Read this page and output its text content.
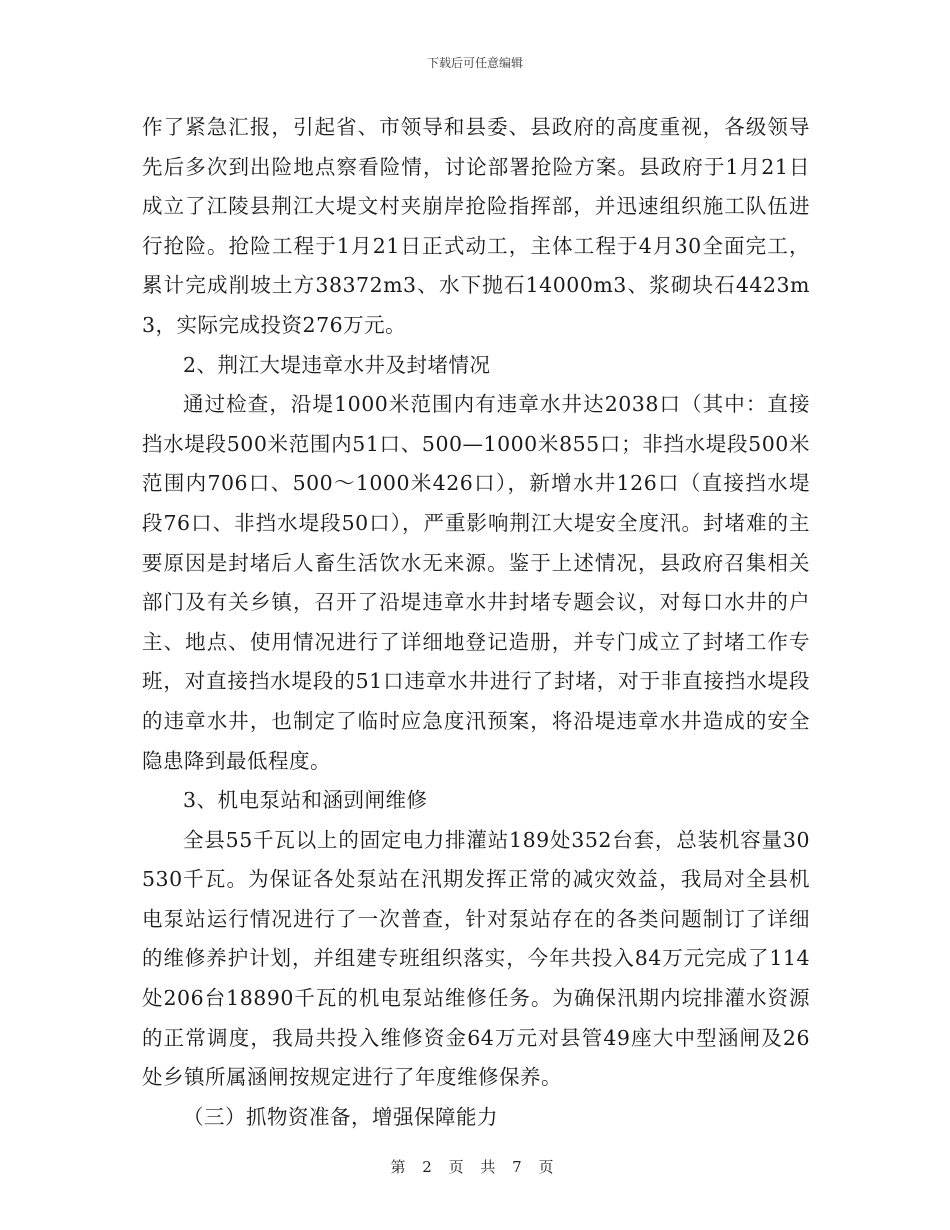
下载后可任意编辑

作了紧急汇报，引起省、市领导和县委、县政府的高度重视，各级领导先后多次到出险地点察看险情，讨论部署抢险方案。县政府于1月21日成立了江陵县荆江大堤文村夹崩岸抢险指挥部，并迅速组织施工队伍进行抢险。抢险工程于1月21日正式动工，主体工程于4月30全面完工，累计完成削坡土方38372m3、水下抛石14000m3、浆砌块石4423m3，实际完成投资276万元。

2、荆江大堤违章水井及封堵情况

通过检查，沿堤1000米范围内有违章水井达2038口（其中：直接挡水堤段500米范围内51口、500—1000米855口；非挡水堤段500米范围内706口、500～1000米426口），新增水井126口（直接挡水堤段76口、非挡水堤段50口），严重影响荆江大堤安全度汛。封堵难的主要原因是封堵后人畜生活饮水无来源。鉴于上述情况，县政府召集相关部门及有关乡镇，召开了沿堤违章水井封堵专题会议，对每口水井的户主、地点、使用情况进行了详细地登记造册，并专门成立了封堵工作专班，对直接挡水堤段的51口违章水井进行了封堵，对于非直接挡水堤段的违章水井，也制定了临时应急度汛预案，将沿堤违章水井造成的安全隐患降到最低程度。

3、机电泵站和涵剅闸维修

全县55千瓦以上的固定电力排灌站189处352台套，总装机容量30530千瓦。为保证各处泵站在汛期发挥正常的减灾效益，我局对全县机电泵站运行情况进行了一次普查，针对泵站存在的各类问题制订了详细的维修养护计划，并组建专班组织落实，今年共投入84万元完成了114处206台18890千瓦的机电泵站维修任务。为确保汛期内垸排灌水资源的正常调度，我局共投入维修资金64万元对县管49座大中型涵闸及26处乡镇所属涵闸按规定进行了年度维修保养。

（三）抓物资准备，增强保障能力

第 2 页 共 7 页
